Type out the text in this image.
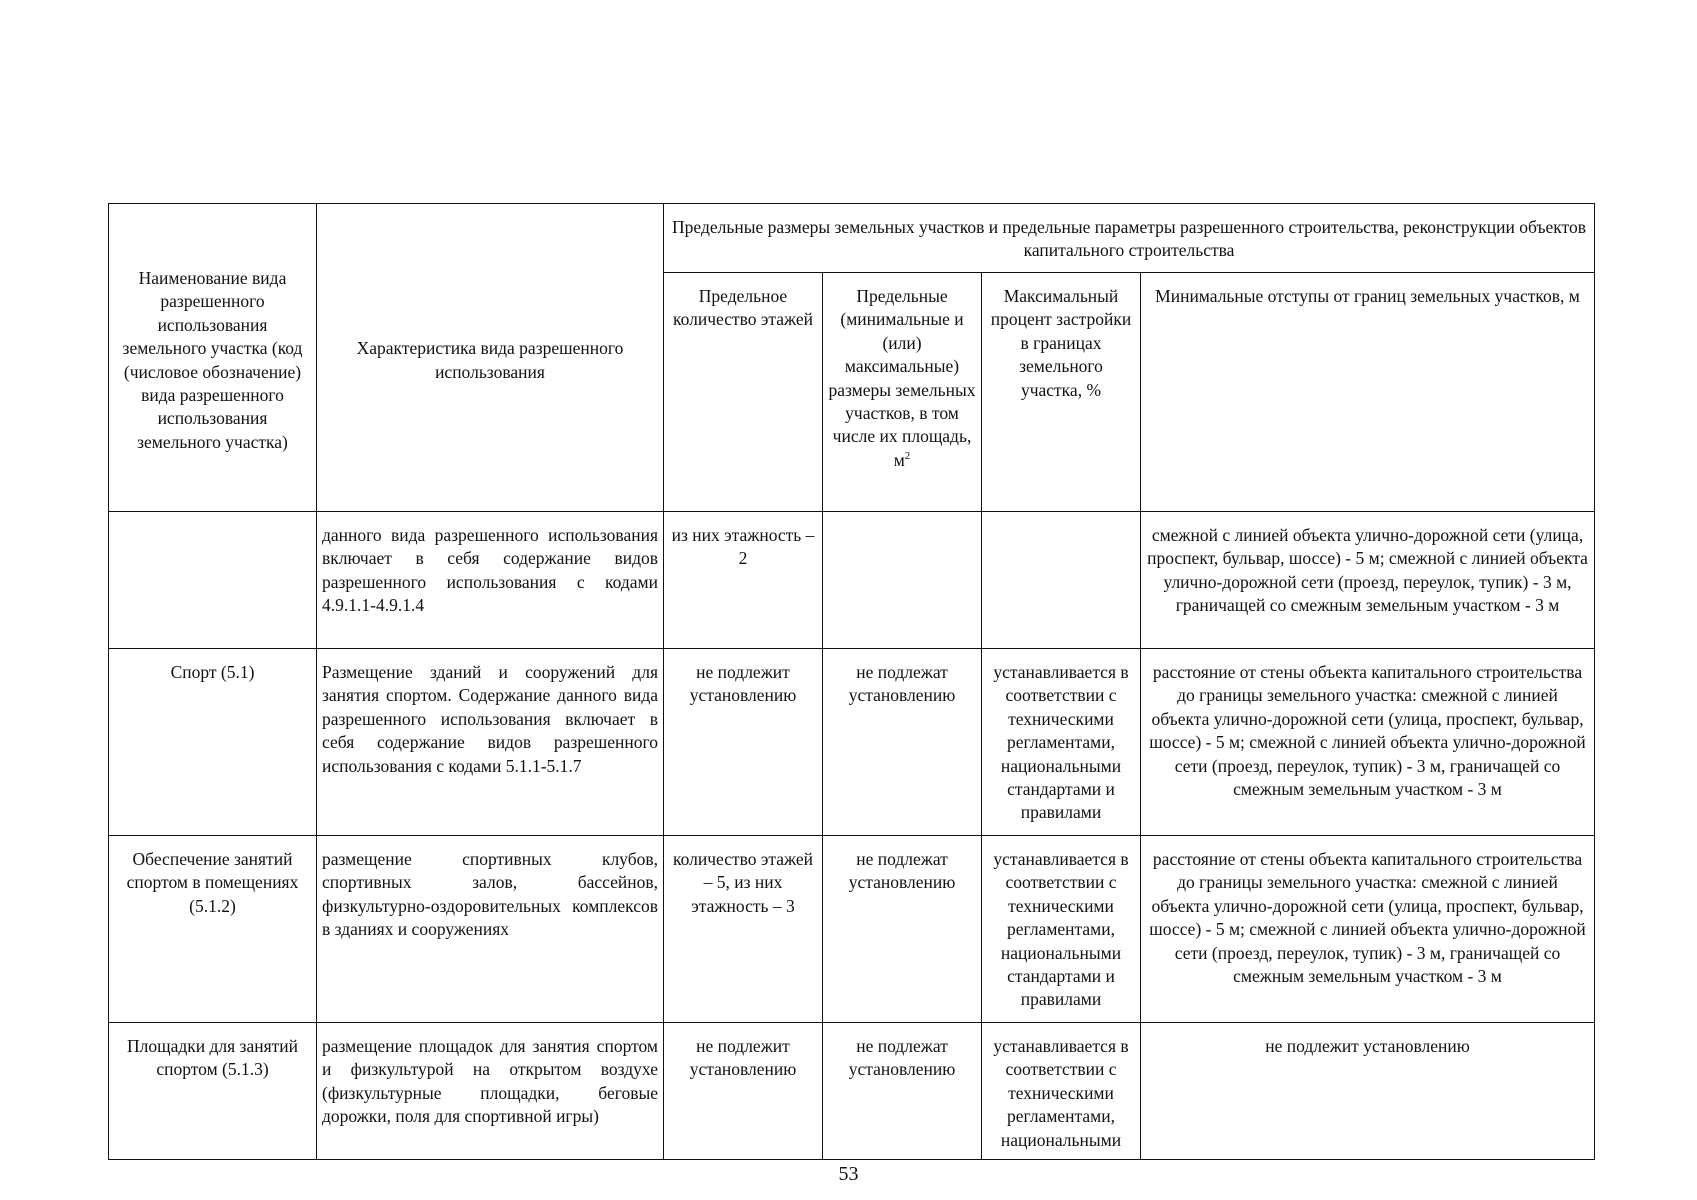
Наименование вида разрешенного использования земельного участка (код (числовое обозначение) вида разрешенного использования земельного участка)	Характеристика вида разрешенного использования	Предельные размеры земельных участков и предельные параметры разрешенного строительства, реконструкции объектов капитального строительства			
		Предельное количество этажей	Предельные (минимальные и (или) максимальные) размеры земельных участков, в том числе их площадь, $м^2$	Максимальный процент застройки в границах земельного участка, %	Минимальные отступы от границ земельных участков, м
	данного вида разрешенного использования включает в себя содержание видов разрешенного использования с кодами 4.9.1.1-4.9.1.4	из них этажность – 2			смежной с линией объекта улично-дорожной сети (улица, проспект, бульвар, шоссе) - 5 м; смежной с линией объекта улично-дорожной сети (проезд, переулок, тупик) - 3 м, граничащей со смежным земельным участком - 3 м
Спорт (5.1)	Размещение зданий и сооружений для занятия спортом. Содержание данного вида разрешенного использования включает в себя содержание видов разрешенного использования с кодами 5.1.1-5.1.7	не подлежит установлению	не подлежат установлению	устанавливается в соответствии с техническими регламентами, национальными стандартами и правилами	расстояние от стены объекта капитального строительства до границы земельного участка: смежной с линией объекта улично-дорожной сети (улица, проспект, бульвар, шоссе) - 5 м; смежной с линией объекта улично-дорожной сети (проезд, переулок, тупик) - 3 м, граничащей со смежным земельным участком - 3 м
Обеспечение занятий спортом в помещениях (5.1.2)	размещение спортивных клубов, спортивных залов, бассейнов, физкультурно-оздоровительных комплексов в зданиях и сооружениях	количество этажей – 5, из них этажность – 3	не подлежат установлению	устанавливается в соответствии с техническими регламентами, национальными стандартами и правилами	расстояние от стены объекта капитального строительства до границы земельного участка: смежной с линией объекта улично-дорожной сети (улица, проспект, бульвар, шоссе) - 5 м; смежной с линией объекта улично-дорожной сети (проезд, переулок, тупик) - 3 м, граничащей со смежным земельным участком - 3 м
Площадки для занятий спортом (5.1.3)	размещение площадок для занятия спортом и физкультурой на открытом воздухе (физкультурные площадки, беговые дорожки, поля для спортивной игры)	не подлежит установлению	не подлежат установлению	устанавливается в соответствии с техническими регламентами, национальными	не подлежит установлению
53
